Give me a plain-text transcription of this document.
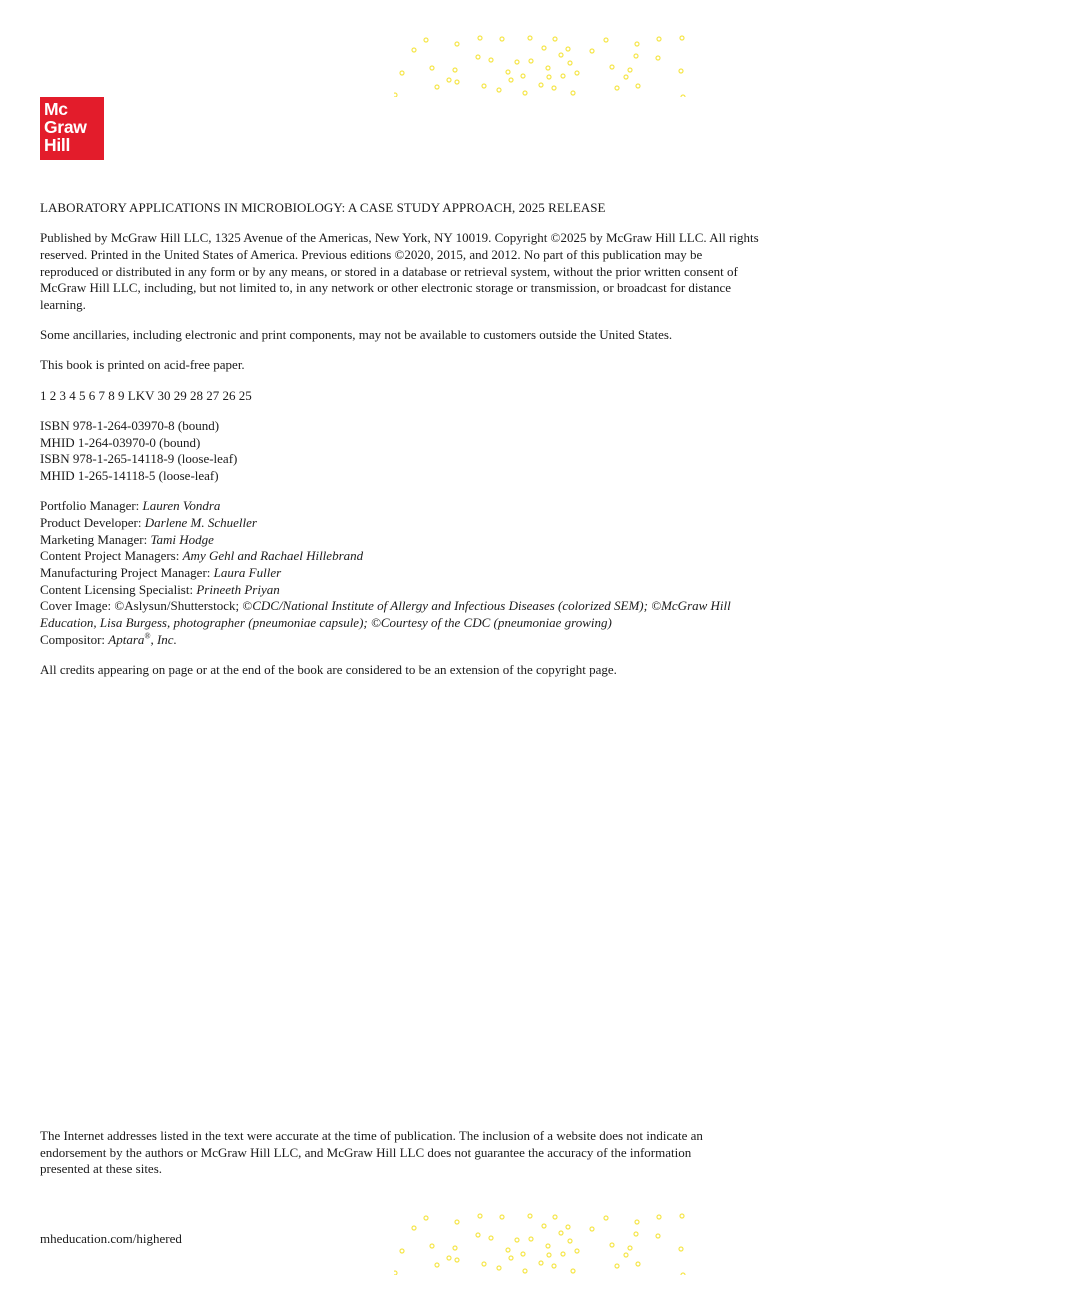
Mc
Graw
Hill

LABORATORY APPLICATIONS IN MICROBIOLOGY: A CASE STUDY APPROACH, 2025 RELEASE

Published by McGraw Hill LLC, 1325 Avenue of the Americas, New York, NY 10019. Copyright ©2025 by McGraw Hill LLC. All rights reserved. Printed in the United States of America. Previous editions ©2020, 2015, and 2012. No part of this publication may be reproduced or distributed in any form or by any means, or stored in a database or retrieval system, without the prior written consent of McGraw Hill LLC, including, but not limited to, in any network or other electronic storage or transmission, or broadcast for distance learning.

Some ancillaries, including electronic and print components, may not be available to customers outside the United States.

This book is printed on acid-free paper.

1 2 3 4 5 6 7 8 9 LKV 30 29 28 27 26 25

ISBN 978-1-264-03970-8 (bound)
MHID 1-264-03970-0 (bound)
ISBN 978-1-265-14118-9 (loose-leaf)
MHID 1-265-14118-5 (loose-leaf)

Portfolio Manager: Lauren Vondra
Product Developer: Darlene M. Schueller
Marketing Manager: Tami Hodge
Content Project Managers: Amy Gehl and Rachael Hillebrand
Manufacturing Project Manager: Laura Fuller
Content Licensing Specialist: Prineeth Priyan
Cover Image: ©Aslysun/Shutterstock; ©CDC/National Institute of Allergy and Infectious Diseases (colorized SEM); ©McGraw Hill Education, Lisa Burgess, photographer (pneumoniae capsule); ©Courtesy of the CDC (pneumoniae growing)
Compositor: Aptara®, Inc.

All credits appearing on page or at the end of the book are considered to be an extension of the copyright page.

The Internet addresses listed in the text were accurate at the time of publication. The inclusion of a website does not indicate an endorsement by the authors or McGraw Hill LLC, and McGraw Hill LLC does not guarantee the accuracy of the information presented at these sites.

mheducation.com/highered
